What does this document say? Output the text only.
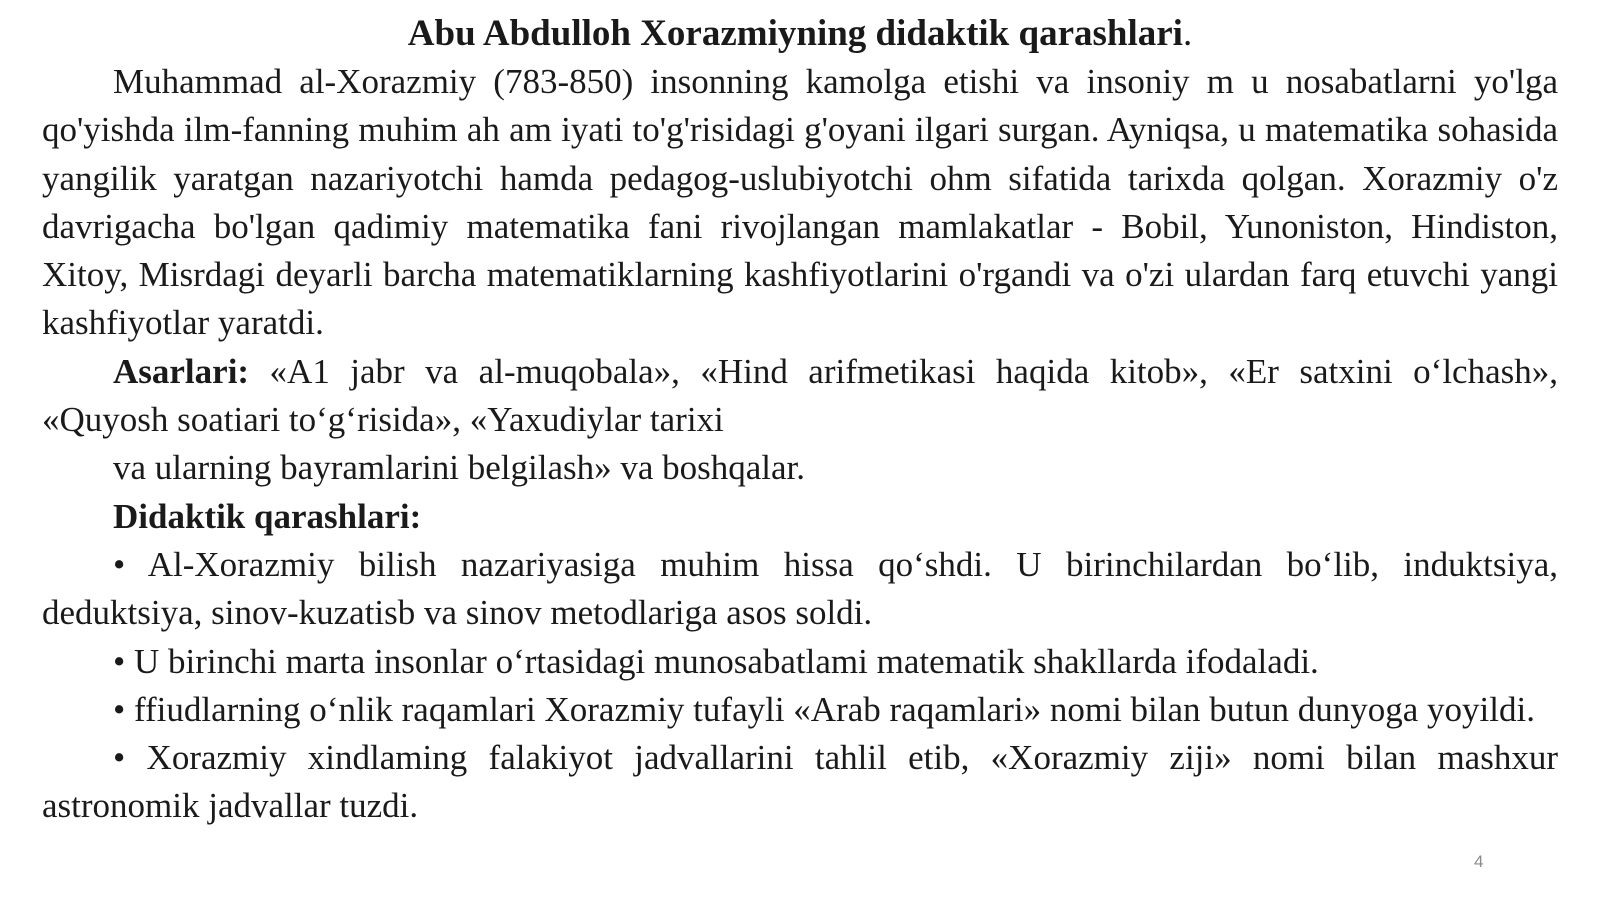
Abu Abdulloh Xorazmiyning didaktik qarashlari.

Muhammad al-Xorazmiy (783-850) insonning kamolga etishi va insoniy m u nosabatlarni yo'lga qo'yishda ilm-fanning muhim ah am iyati to'g'risidagi g'oyani ilgari surgan. Ayniqsa, u matematika sohasida yangilik yaratgan nazariyotchi hamda pedagog-uslubiyotchi ohm sifatida tarixda qolgan. Xorazmiy o'z davrigacha bo'lgan qadimiy matematika fani rivojlangan mamlakatlar - Bobil, Yunoniston, Hindiston, Xitoy, Misrdagi deyarli barcha matematiklarning kashfiyotlarini o'rgandi va o'zi ulardan farq etuvchi yangi kashfiyotlar yaratdi.

Asarlari: «A1 jabr va al-muqobala», «Hind arifmetikasi haqida kitob», «Er satxini o‘lchash», «Quyosh soatiari to‘g‘risida», «Yaxudiylar tarixi

va ularning bayramlarini belgilash» va boshqalar.

Didaktik qarashlari:

• Al-Xorazmiy bilish nazariyasiga muhim hissa qo‘shdi. U birinchilardan bo‘lib, induktsiya, deduktsiya, sinov-kuzatisb va sinov metodlariga asos soldi.

• U birinchi marta insonlar o‘rtasidagi munosabatlami matematik shakllarda ifodaladi.

• ffiudlarning o‘nlik raqamlari Xorazmiy tufayli «Arab raqamlari» nomi bilan butun dunyoga yoyildi.

• Xorazmiy xindlaming falakiyot jadvallarini tahlil etib, «Xorazmiy ziji» nomi bilan mashxur astronomik jadvallar tuzdi.

4
